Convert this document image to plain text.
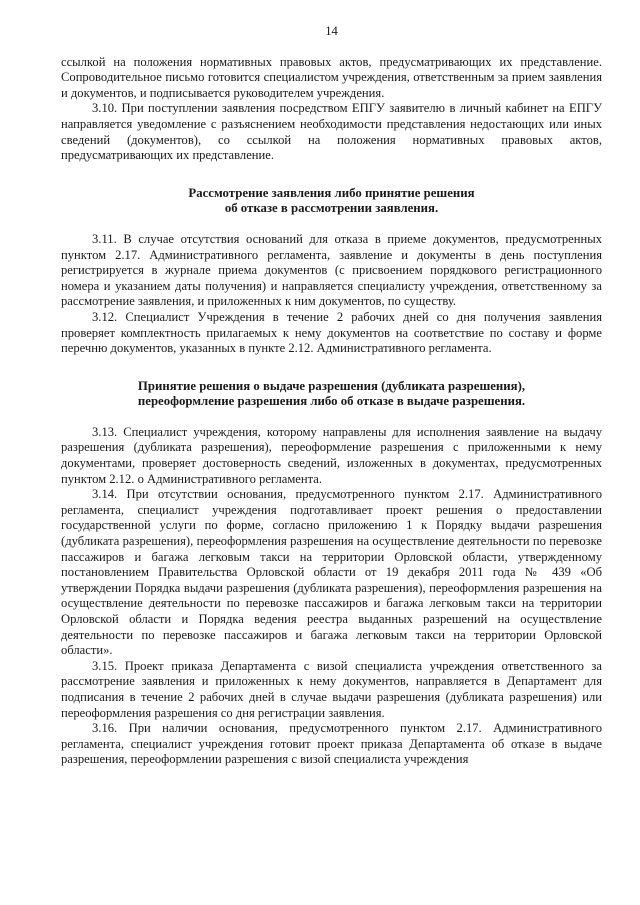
14

ссылкой на положения нормативных правовых актов, предусматривающих их представление. Сопроводительное письмо готовится специалистом учреждения, ответственным за прием заявления и документов, и подписывается руководителем учреждения.

3.10. При поступлении заявления посредством ЕПГУ заявителю в личный кабинет на ЕПГУ направляется уведомление с разъяснением необходимости представления недостающих или иных сведений (документов), со ссылкой на положения нормативных правовых актов, предусматривающих их представление.

Рассмотрение заявления либо принятие решения
об отказе в рассмотрении заявления.

3.11. В случае отсутствия оснований для отказа в приеме документов, предусмотренных пунктом 2.17. Административного регламента, заявление и документы в день поступления регистрируется в журнале приема документов (с присвоением порядкового регистрационного номера и указанием даты получения) и направляется специалисту учреждения, ответственному за рассмотрение заявления, и приложенных к ним документов, по существу.

3.12. Специалист Учреждения в течение 2 рабочих дней со дня получения заявления проверяет комплектность прилагаемых к нему документов на соответствие по составу и форме перечню документов, указанных в пункте 2.12. Административного регламента.

Принятие решения о выдаче разрешения (дубликата разрешения),
переоформление разрешения либо об отказе в выдаче разрешения.

3.13. Специалист учреждения, которому направлены для исполнения заявление на выдачу разрешения (дубликата разрешения), переоформление разрешения с приложенными к нему документами, проверяет достоверность сведений, изложенных в документах, предусмотренных пунктом 2.12. о Административного регламента.

3.14. При отсутствии основания, предусмотренного пунктом 2.17. Административного регламента, специалист учреждения подготавливает проект решения о предоставлении государственной услуги по форме, согласно приложению 1 к Порядку выдачи разрешения (дубликата разрешения), переоформления разрешения на осуществление деятельности по перевозке пассажиров и багажа легковым такси на территории Орловской области, утвержденному постановлением Правительства Орловской области от 19 декабря 2011 года № 439 «Об утверждении Порядка выдачи разрешения (дубликата разрешения), переоформления разрешения на осуществление деятельности по перевозке пассажиров и багажа легковым такси на территории Орловской области и Порядка ведения реестра выданных разрешений на осуществление деятельности по перевозке пассажиров и багажа легковым такси на территории Орловской области».

3.15. Проект приказа Департамента с визой специалиста учреждения ответственного за рассмотрение заявления и приложенных к нему документов, направляется в Департамент для подписания в течение 2 рабочих дней в случае выдачи разрешения (дубликата разрешения) или переоформления разрешения со дня регистрации заявления.

3.16. При наличии основания, предусмотренного пунктом 2.17. Административного регламента, специалист учреждения готовит проект приказа Департамента об отказе в выдаче разрешения, переоформлении разрешения с визой специалиста учреждения
